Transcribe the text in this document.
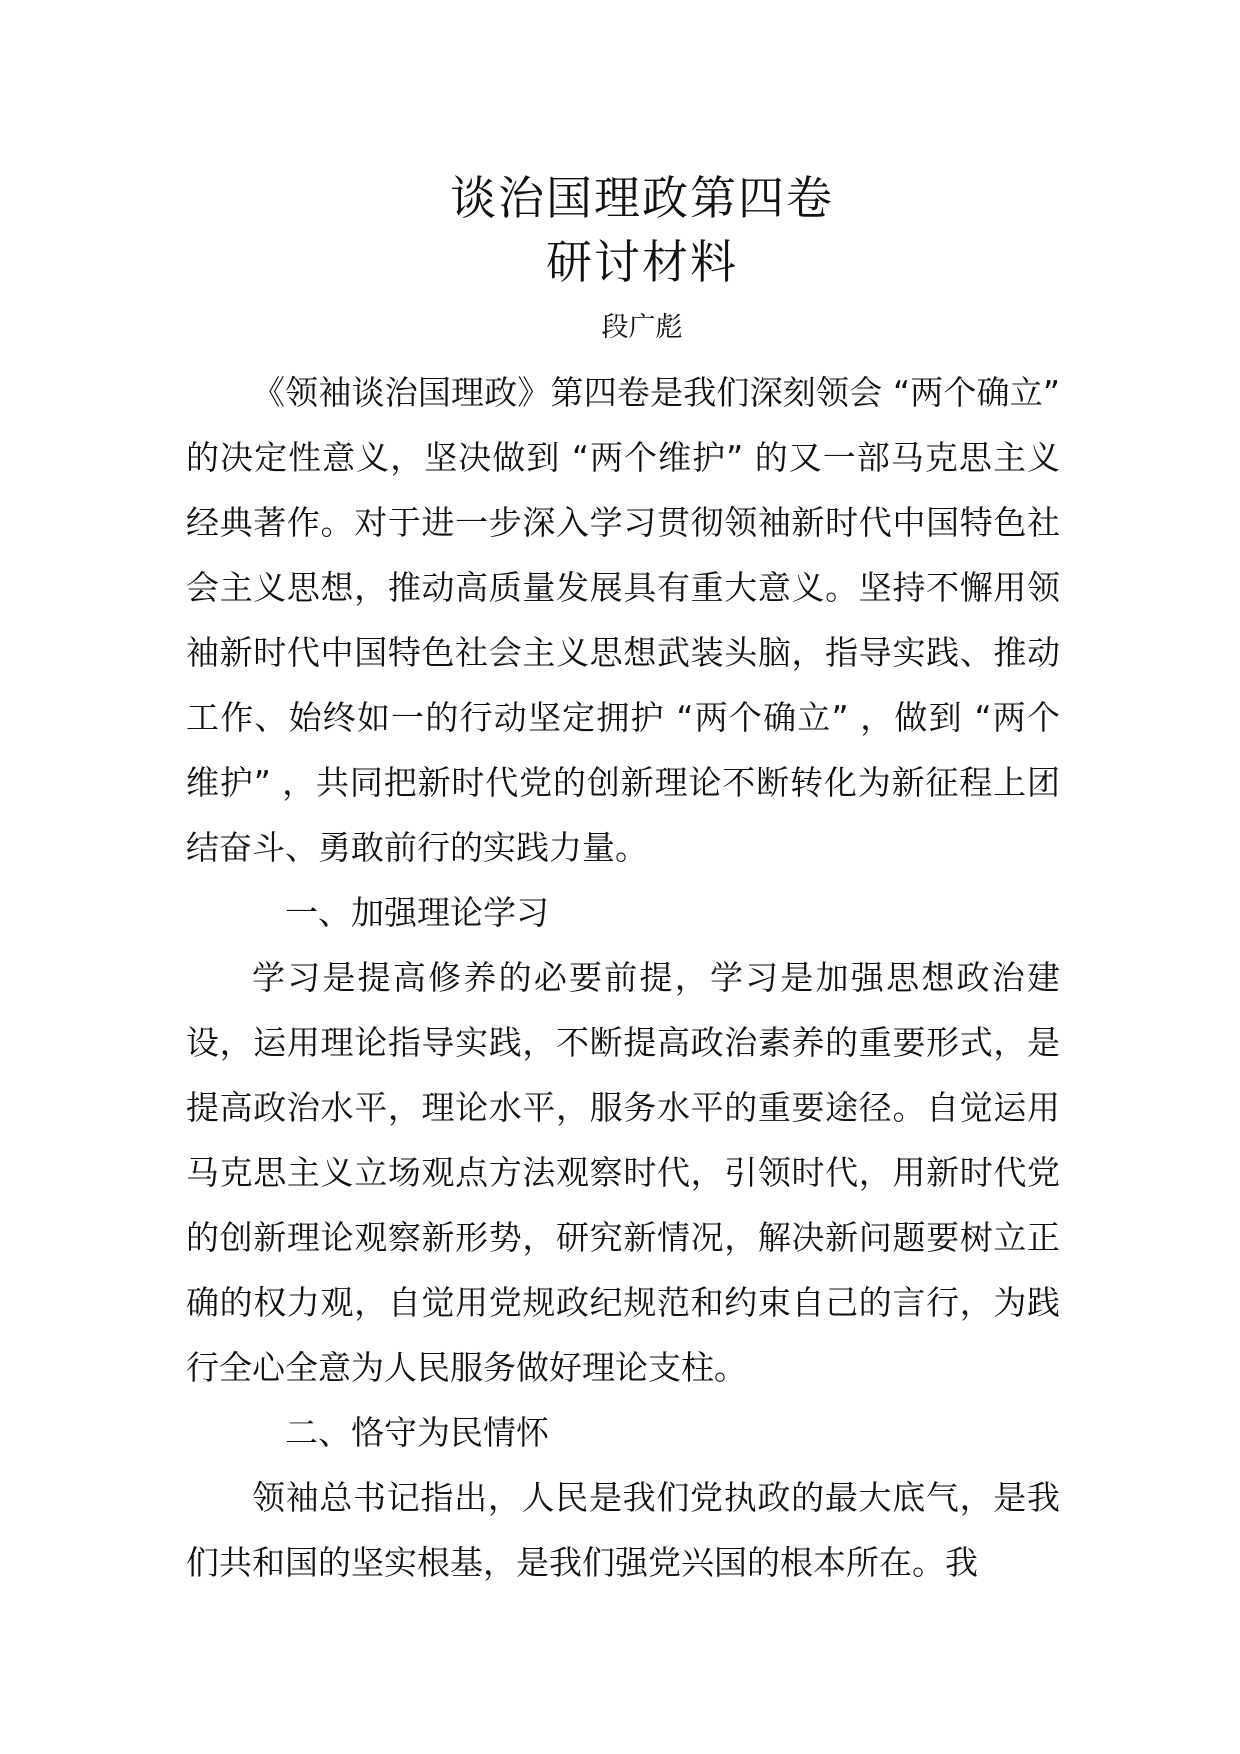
谈治国理政第四卷
研讨材料
段广彪

《领袖谈治国理政》第四卷是我们深刻领会 “两个确立” 的决定性意义，坚决做到 “两个维护” 的又一部马克思主义经典著作。对于进一步深入学习贯彻领袖新时代中国特色社会主义思想，推动高质量发展具有重大意义。坚持不懈用领袖新时代中国特色社会主义思想武装头脑，指导实践、推动工作、始终如一的行动坚定拥护 “两个确立” ，做到 “两个维护” ，共同把新时代党的创新理论不断转化为新征程上团结奋斗、勇敢前行的实践力量。

一、加强理论学习

学习是提高修养的必要前提，学习是加强思想政治建设，运用理论指导实践，不断提高政治素养的重要形式，是提高政治水平，理论水平，服务水平的重要途径。自觉运用马克思主义立场观点方法观察时代，引领时代，用新时代党的创新理论观察新形势，研究新情况，解决新问题要树立正确的权力观，自觉用党规政纪规范和约束自己的言行，为践行全心全意为人民服务做好理论支柱。

二、恪守为民情怀

领袖总书记指出，人民是我们党执政的最大底气，是我们共和国的坚实根基，是我们强党兴国的根本所在。我
